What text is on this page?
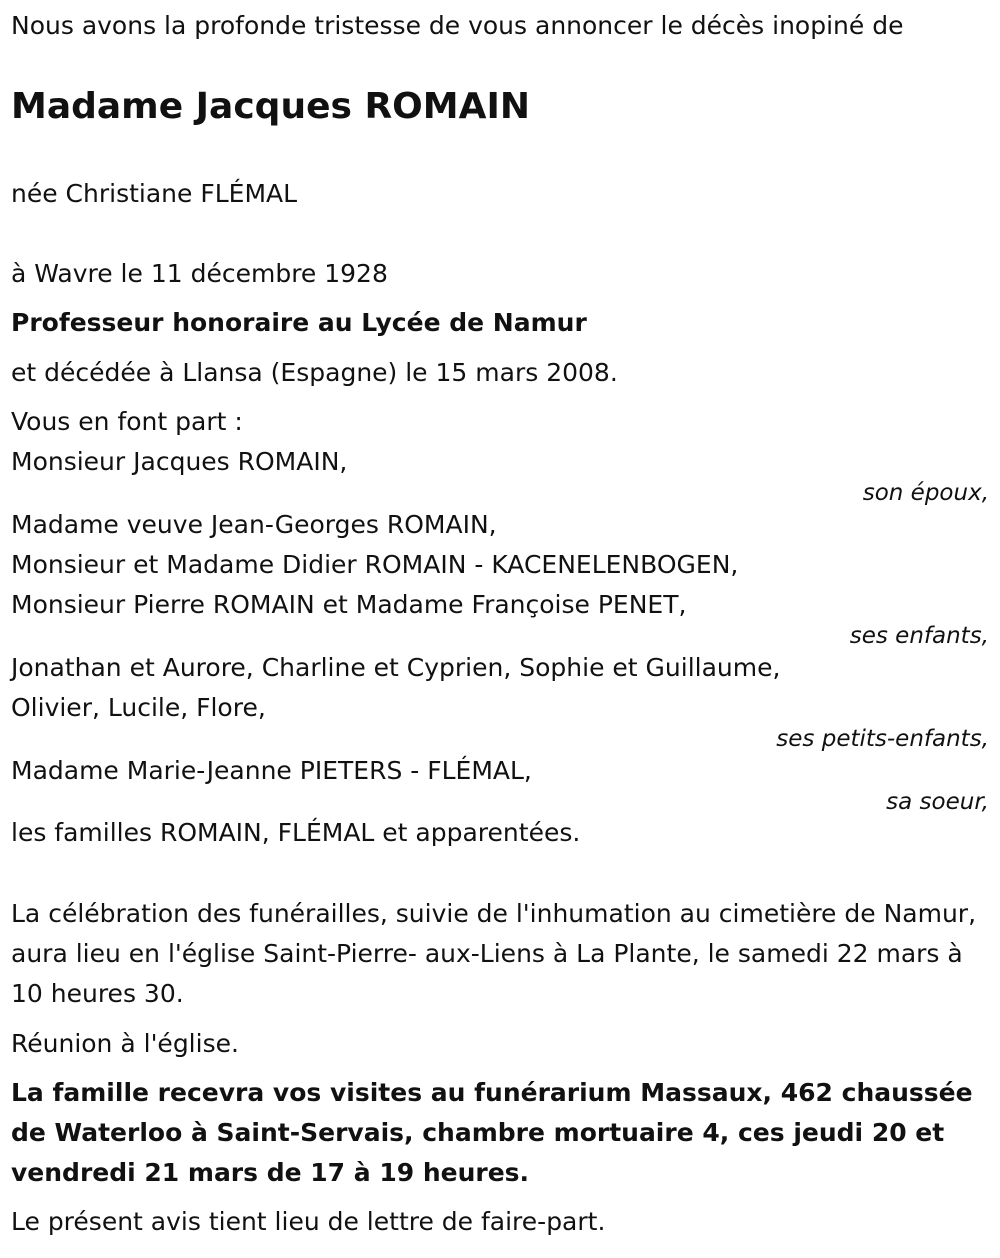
Nous avons la profonde tristesse de vous annoncer le décès inopiné de

Madame Jacques ROMAIN

née Christiane FLÉMAL

à Wavre le 11 décembre 1928

Professeur honoraire au Lycée de Namur

et décédée à Llansa (Espagne) le 15 mars 2008.

Vous en font part :

Monsieur Jacques ROMAIN,
son époux,
Madame veuve Jean-Georges ROMAIN,
Monsieur et Madame Didier ROMAIN - KACENELENBOGEN,
Monsieur Pierre ROMAIN et Madame Françoise PENET,
ses enfants,
Jonathan et Aurore, Charline et Cyprien, Sophie et Guillaume,
Olivier, Lucile, Flore,
ses petits-enfants,
Madame Marie-Jeanne PIETERS - FLÉMAL,
sa soeur,

les familles ROMAIN, FLÉMAL et apparentées.

La célébration des funérailles, suivie de l'inhumation au cimetière de Namur, aura lieu en l'église Saint-Pierre- aux-Liens à La Plante, le samedi 22 mars à 10 heures 30.

Réunion à l'église.

La famille recevra vos visites au funérarium Massaux, 462 chaussée de Waterloo à Saint-Servais, chambre mortuaire 4, ces jeudi 20 et vendredi 21 mars de 17 à 19 heures.

Le présent avis tient lieu de lettre de faire-part.
